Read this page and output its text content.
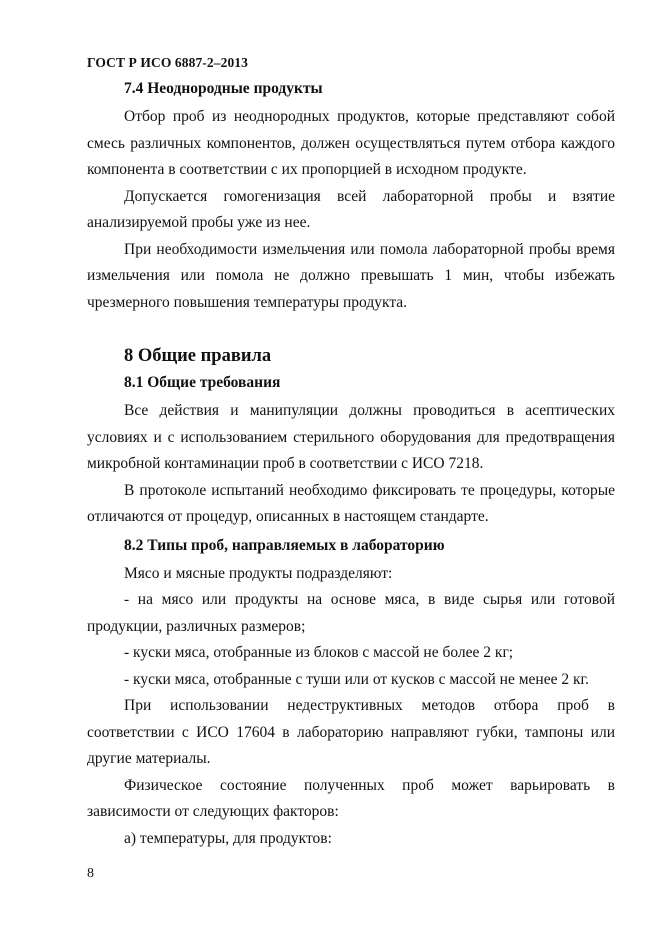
ГОСТ Р ИСО 6887-2–2013

7.4 Неоднородные продукты

Отбор проб из неоднородных продуктов, которые представляют собой смесь различных компонентов, должен осуществляться путем отбора каждого компонента в соответствии с их пропорцией в исходном продукте.

Допускается гомогенизация всей лабораторной пробы и взятие анализируемой пробы уже из нее.

При необходимости измельчения или помола лабораторной пробы время измельчения или помола не должно превышать 1 мин, чтобы избежать чрезмерного повышения температуры продукта.

8 Общие правила

8.1 Общие требования

Все действия и манипуляции должны проводиться в асептических условиях и с использованием стерильного оборудования для предотвращения микробной контаминации проб в соответствии с ИСО 7218.

В протоколе испытаний необходимо фиксировать те процедуры, которые отличаются от процедур, описанных в настоящем стандарте.

8.2 Типы проб, направляемых в лабораторию

Мясо и мясные продукты подразделяют:

- на мясо или продукты на основе мяса, в виде сырья или готовой продукции, различных размеров;

- куски мяса, отобранные из блоков с массой не более 2 кг;

- куски мяса, отобранные с туши или от кусков с массой не менее 2 кг.

При использовании недеструктивных методов отбора проб в соответствии с ИСО 17604 в лабораторию направляют губки, тампоны или другие материалы.

Физическое состояние полученных проб может варьировать в зависимости от следующих факторов:

а) температуры, для продуктов:

8
